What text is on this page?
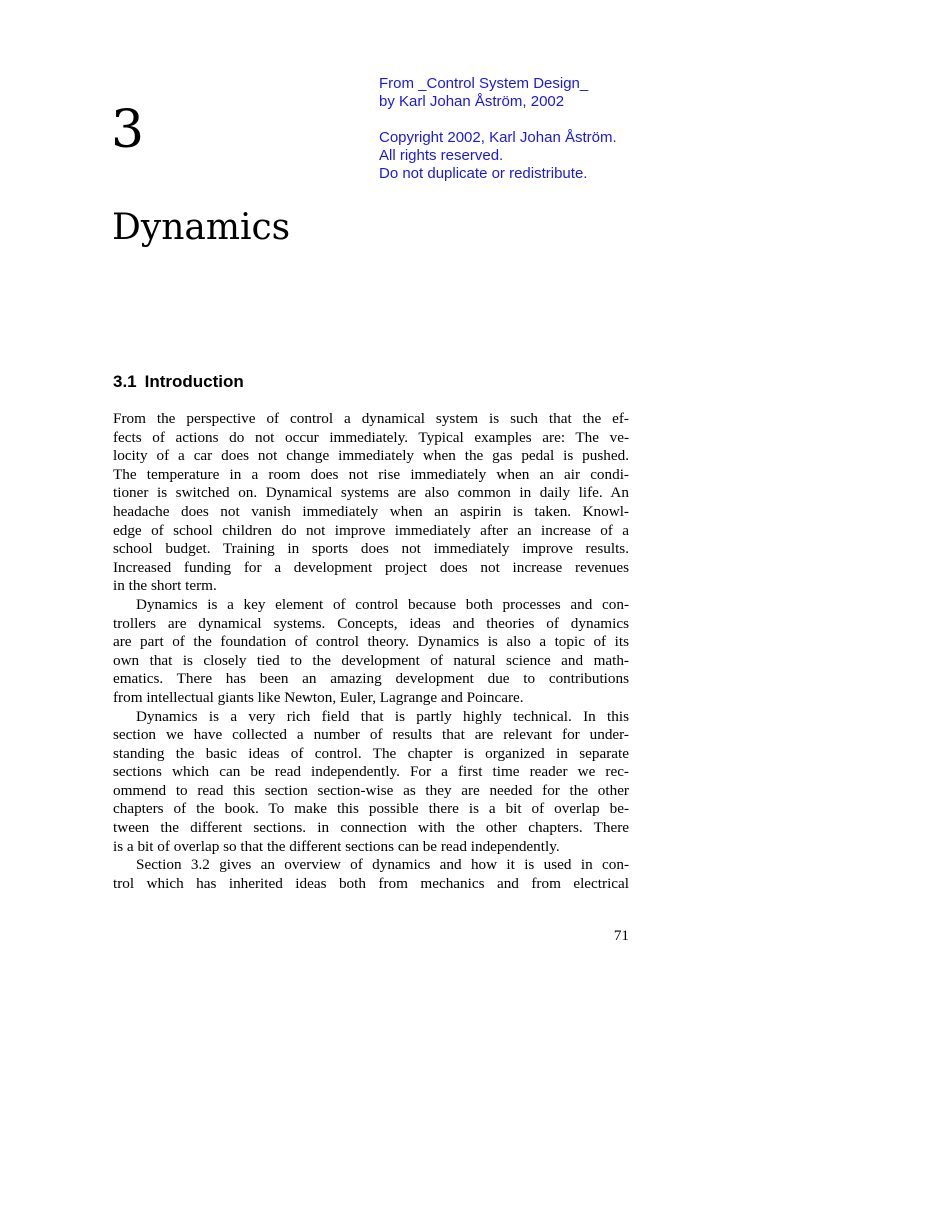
3
From _Control System Design_
by Karl Johan Åström, 2002
Copyright 2002, Karl Johan Åström.
All rights reserved.
Do not duplicate or redistribute.
Dynamics
3.1 Introduction
From the perspective of control a dynamical system is such that the ef-
fects of actions do not occur immediately. Typical examples are: The ve-
locity of a car does not change immediately when the gas pedal is pushed.
The temperature in a room does not rise immediately when an air condi-
tioner is switched on. Dynamical systems are also common in daily life. An
headache does not vanish immediately when an aspirin is taken. Knowl-
edge of school children do not improve immediately after an increase of a
school budget. Training in sports does not immediately improve results.
Increased funding for a development project does not increase revenues
in the short term.
Dynamics is a key element of control because both processes and con-
trollers are dynamical systems. Concepts, ideas and theories of dynamics
are part of the foundation of control theory. Dynamics is also a topic of its
own that is closely tied to the development of natural science and math-
ematics. There has been an amazing development due to contributions
from intellectual giants like Newton, Euler, Lagrange and Poincare.
Dynamics is a very rich field that is partly highly technical. In this
section we have collected a number of results that are relevant for under-
standing the basic ideas of control. The chapter is organized in separate
sections which can be read independently. For a first time reader we rec-
ommend to read this section section-wise as they are needed for the other
chapters of the book. To make this possible there is a bit of overlap be-
tween the different sections. in connection with the other chapters. There
is a bit of overlap so that the different sections can be read independently.
Section 3.2 gives an overview of dynamics and how it is used in con-
trol which has inherited ideas both from mechanics and from electrical
71
